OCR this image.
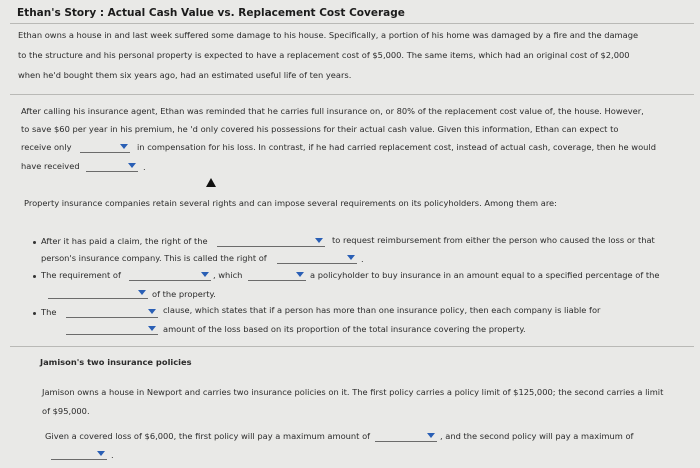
Ethan's Story : Actual Cash Value vs. Replacement Cost Coverage
Ethan owns a house in and last week suffered some damage to his house. Specifically, a portion of his home was damaged by a fire and the damage
to the structure and his personal property is expected to have a replacement cost of $5,000. The same items, which had an original cost of $2,000
when he'd bought them six years ago, had an estimated useful life of ten years.
After calling his insurance agent, Ethan was reminded that he carries full insurance on, or 80% of the replacement cost value of, the house. However,
to save $60 per year in his premium, he 'd only covered his possessions for their actual cash value. Given this information, Ethan can expect to
receive only	in compensation for his loss. In contrast, if he had carried replacement cost, instead of actual cash, coverage, then he would
have received	.
Property insurance companies retain several rights and can impose several requirements on its policyholders. Among them are:
After it has paid a claim, the right of the	to request reimbursement from either the person who caused the loss or that
person's insurance company. This is called the right of	.
The requirement of	, which	a policyholder to buy insurance in an amount equal to a specified percentage of the
of the property.
The	clause, which states that if a person has more than one insurance policy, then each company is liable for
amount of the loss based on its proportion of the total insurance covering the property.
Jamison's two insurance policies
Jamison owns a house in Newport and carries two insurance policies on it. The first policy carries a policy limit of $125,000; the second carries a limit
of $95,000.
Given a covered loss of $6,000, the first policy will pay a maximum amount of	, and the second policy will pay a maximum of
.
